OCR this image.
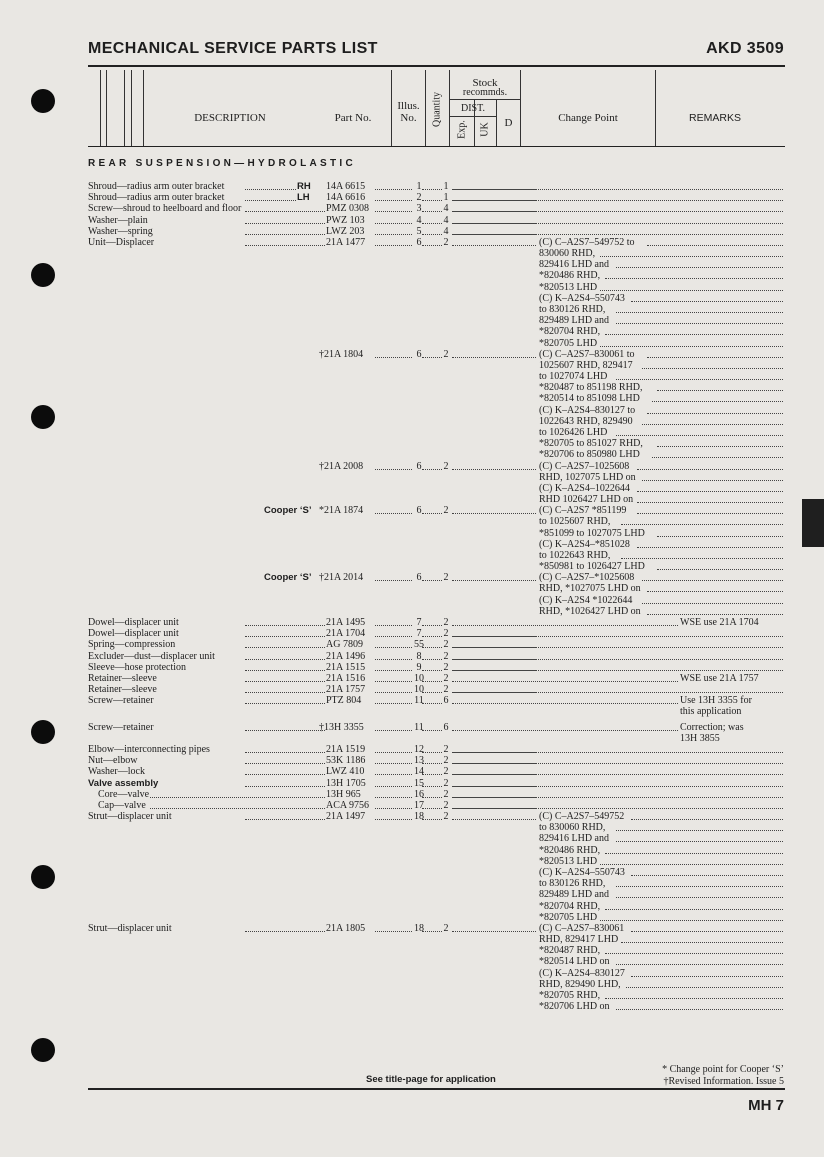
MECHANICAL SERVICE PARTS LIST	AKD 3509
DESCRIPTION	Part No.
Illus.
No.	Quantity
Stock
recommds.
DIST.
Exp. UK	D	Change Point	REMARKS
REAR SUSPENSION—HYDROLASTIC
Shroud—radius arm outer bracket	RH 14A 6615	1	1
Shroud—radius arm outer bracket	LH 14A 6616	2	1
Screw—shroud to heelboard and floor	PMZ 0308	3	4
Washer—plain	PWZ 103	4	4
Washer—spring	LWZ 203	5	4
Unit—Displacer	21A 1477	6	2	(C) C–A2S7–549752 to
830060 RHD,
829416 LHD and
*820486 RHD,
*820513 LHD
(C) K–A2S4–550743
to 830126 RHD,
829489 LHD and
*820704 RHD,
*820705 LHD
†21A 1804	6	2	(C) C–A2S7–830061 to
1025607 RHD, 829417
to 1027074 LHD
*820487 to 851198 RHD,
*820514 to 851098 LHD
(C) K–A2S4–830127 to
1022643 RHD, 829490
to 1026426 LHD
*820705 to 851027 RHD,
*820706 to 850980 LHD
†21A 2008	6	2	(C) C–A2S7–1025608
RHD, 1027075 LHD on
(C) K–A2S4–1022644
RHD 1026427 LHD on
Cooper ‘S’ *21A 1874	6	2	(C) C–A2S7 *851199
to 1025607 RHD,
*851099 to 1027075 LHD
(C) K–A2S4–*851028
to 1022643 RHD,
*850981 to 1026427 LHD
Cooper ‘S’ †21A 2014	6	2	(C) C–A2S7–*1025608
RHD, *1027075 LHD on
(C) K–A2S4 *1022644
RHD, *1026427 LHD on
Dowel—displacer unit	21A 1495	7	2	WSE use 21A 1704
Dowel—displacer unit	21A 1704	7	2
Spring—compression	AG 7809	55	2
Excluder—dust—displacer unit	21A 1496	8	2
Sleeve—hose protection	21A 1515	9	2
Retainer—sleeve	21A 1516	10	2	WSE use 21A 1757
Retainer—sleeve	21A 1757	10	2
Screw—retainer	PTZ 804	11	6	Use 13H 3355 for
this application
Screw—retainer	†13H 3355	11	6	Correction; was
13H 3855
Elbow—interconnecting pipes	21A 1519	12	2
Nut—elbow	53K 1186	13	2
Washer—lock	LWZ 410	14	2
Valve assembly	13H 1705	15	2
Core—valve	13H 965	16	2
Cap—valve	ACA 9756	17	2
Strut—displacer unit	21A 1497	18	2	(C) C–A2S7–549752
to 830060 RHD,
829416 LHD and
*820486 RHD,
*820513 LHD
(C) K–A2S4–550743
to 830126 RHD,
829489 LHD and
*820704 RHD,
*820705 LHD
Strut—displacer unit	21A 1805	18	2	(C) C–A2S7–830061
RHD, 829417 LHD
*820487 RHD,
*820514 LHD on
(C) K–A2S4–830127
RHD, 829490 LHD,
*820705 RHD,
*820706 LHD on
See title-page for application
* Change point for Cooper ‘S’
†Revised Information. Issue 5
MH 7
